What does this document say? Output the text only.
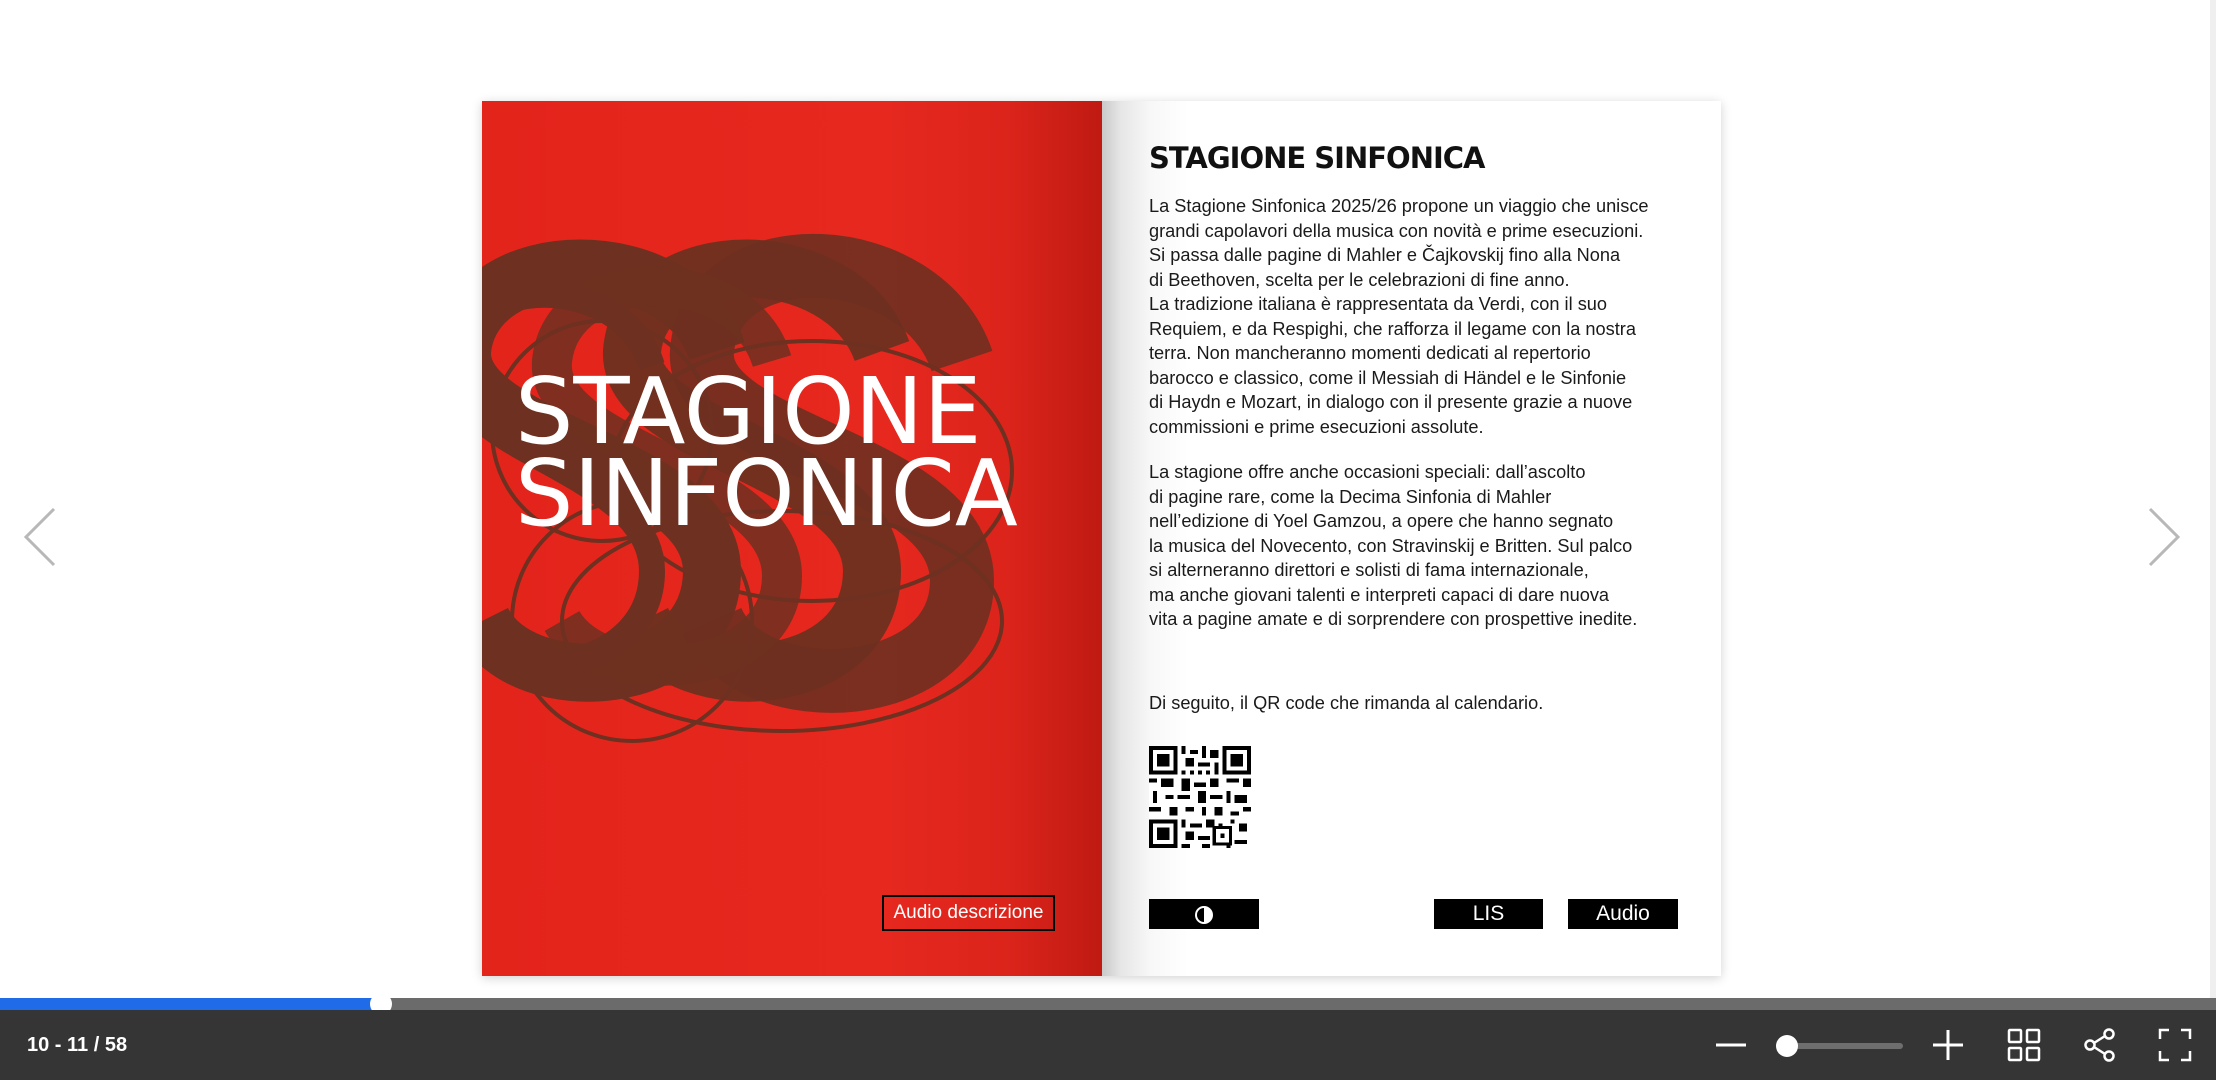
STAGIONE
SINFONICA
Audio descrizione
STAGIONE SINFONICA
La Stagione Sinfonica 2025/26 propone un viaggio che unisce
grandi capolavori della musica con novità e prime esecuzioni.
Si passa dalle pagine di Mahler e Čajkovskij fino alla Nona
di Beethoven, scelta per le celebrazioni di fine anno.
La tradizione italiana è rappresentata da Verdi, con il suo
Requiem, e da Respighi, che rafforza il legame con la nostra
terra. Non mancheranno momenti dedicati al repertorio
barocco e classico, come il Messiah di Händel e le Sinfonie
di Haydn e Mozart, in dialogo con il presente grazie a nuove
commissioni e prime esecuzioni assolute.
La stagione offre anche occasioni speciali: dall’ascolto
di pagine rare, come la Decima Sinfonia di Mahler
nell’edizione di Yoel Gamzou, a opere che hanno segnato
la musica del Novecento, con Stravinskij e Britten. Sul palco
si alterneranno direttori e solisti di fama internazionale,
ma anche giovani talenti e interpreti capaci di dare nuova
vita a pagine amate e di sorprendere con prospettive inedite.
Di seguito, il QR code che rimanda al calendario.
LIS	Audio
10 - 11 / 58
